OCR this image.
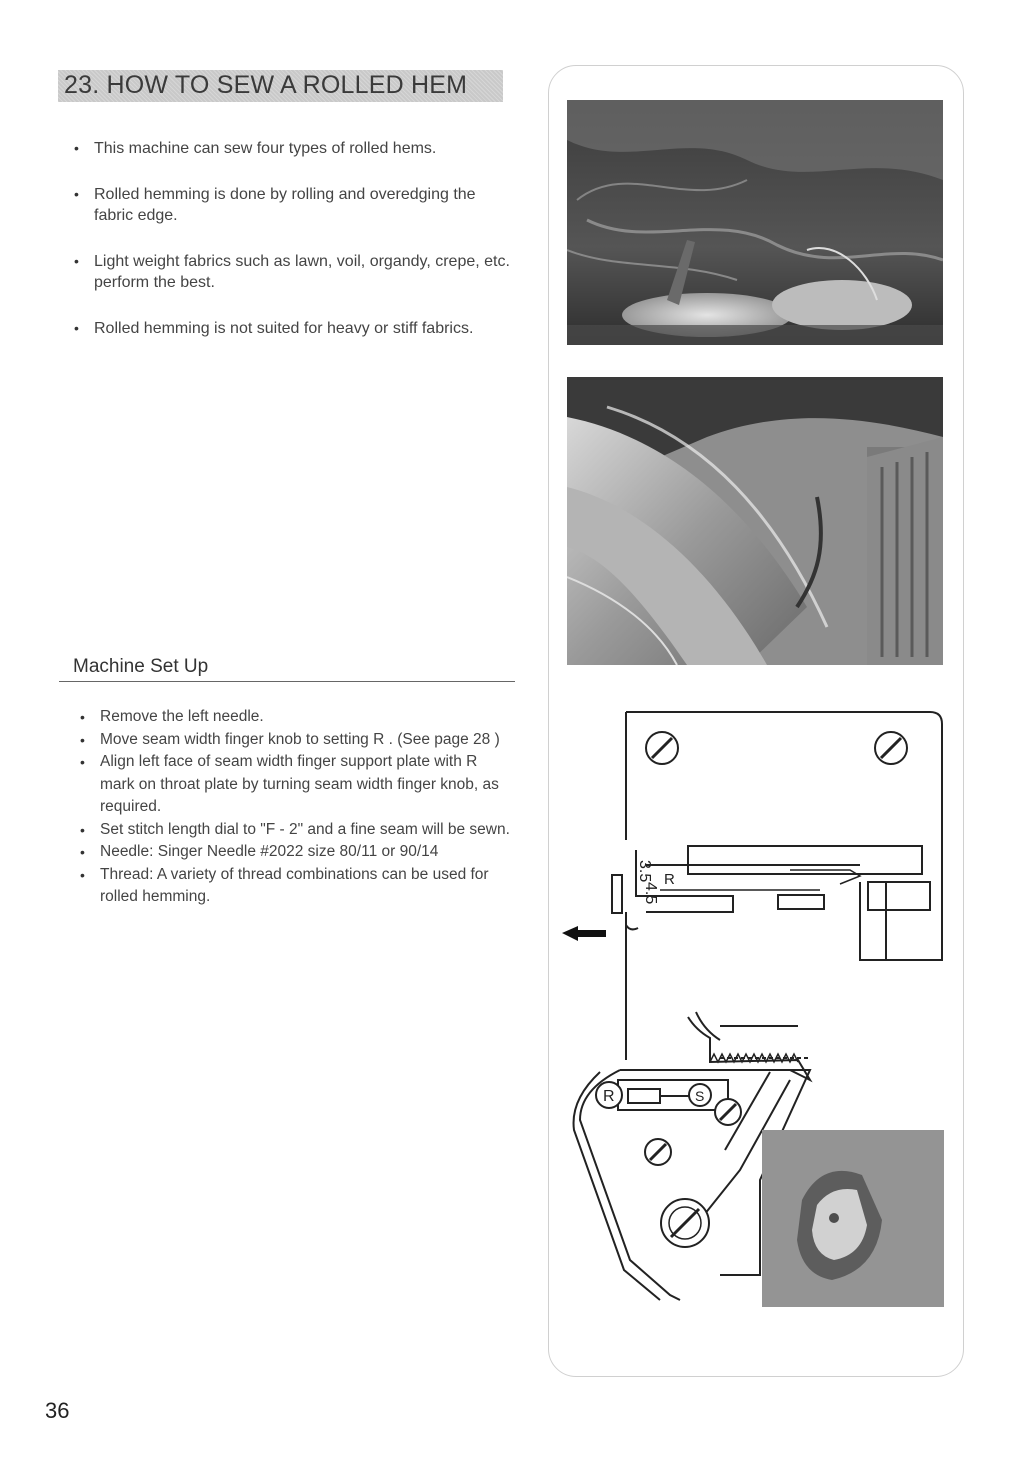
23. HOW TO SEW A ROLLED HEM
• This machine can sew four types of rolled hems.
• Rolled hemming is done by rolling and overedging the fabric edge.
• Light weight fabrics such as lawn, voil, organdy, crepe, etc. perform the best.
• Rolled hemming is not suited for heavy or stiff fabrics.
Machine Set Up
• Remove the left needle.
• Move seam width finger knob to setting R . (See page 28 )
• Align left face of seam width finger support plate with R mark on throat plate by turning seam width finger knob, as required.
• Set stitch length dial to "F - 2" and a fine seam will be sewn.
• Needle: Singer Needle #2022 size 80/11 or 90/14
• Thread: A variety of thread combinations can be used for rolled hemming.
3.5 R
4.5
R	S
36
